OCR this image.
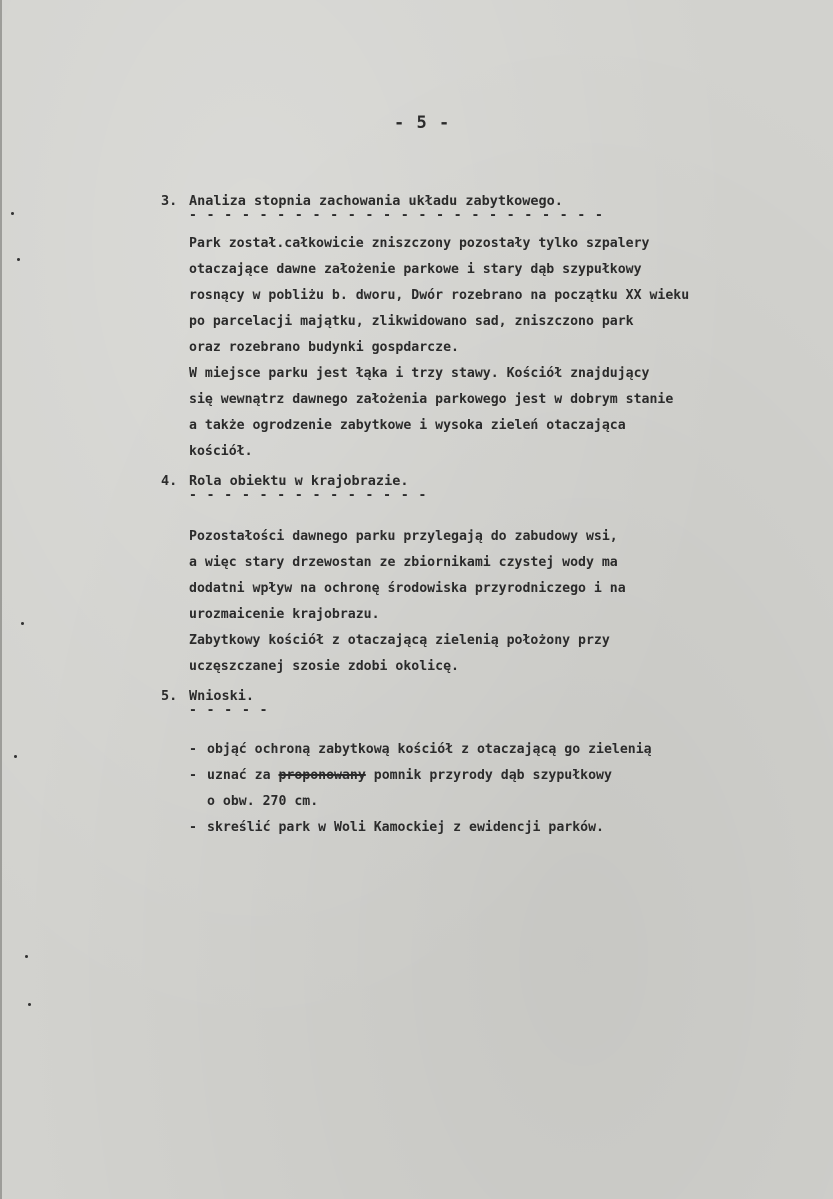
- 5 -
3. Analiza stopnia zachowania układu zabytkowego.
- - - - - - - - - - - - - - - - - - - - - - - -
Park został.całkowicie zniszczony pozostały tylko szpalery
otaczające dawne założenie parkowe i stary dąb szypułkowy
rosnący w pobliżu b. dworu, Dwór rozebrano na początku XX wieku
po parcelacji majątku, zlikwidowano sad, zniszczono park
oraz rozebrano budynki gospdarcze.
W miejsce parku jest łąka i trzy stawy. Kościół znajdujący
się wewnątrz dawnego założenia parkowego jest w dobrym stanie
a także ogrodzenie zabytkowe i wysoka zieleń otaczająca
kościół.
4. Rola obiektu w krajobrazie.
- - - - - - - - - - - - - -
Pozostałości dawnego parku przylegają do zabudowy wsi,
a więc stary drzewostan ze zbiornikami czystej wody ma
dodatni wpływ na ochronę środowiska przyrodniczego i na
urozmaicenie krajobrazu.
Zabytkowy kościół z otaczającą zielenią położony przy
uczęszczanej szosie zdobi okolicę.
5. Wnioski.
- - - - -
- objąć ochroną zabytkową kościół z otaczającą go zielenią
- uznać za proponowany pomnik przyrody dąb szypułkowy
o obw. 270 cm.
- skreślić park w Woli Kamockiej z ewidencji parków.
